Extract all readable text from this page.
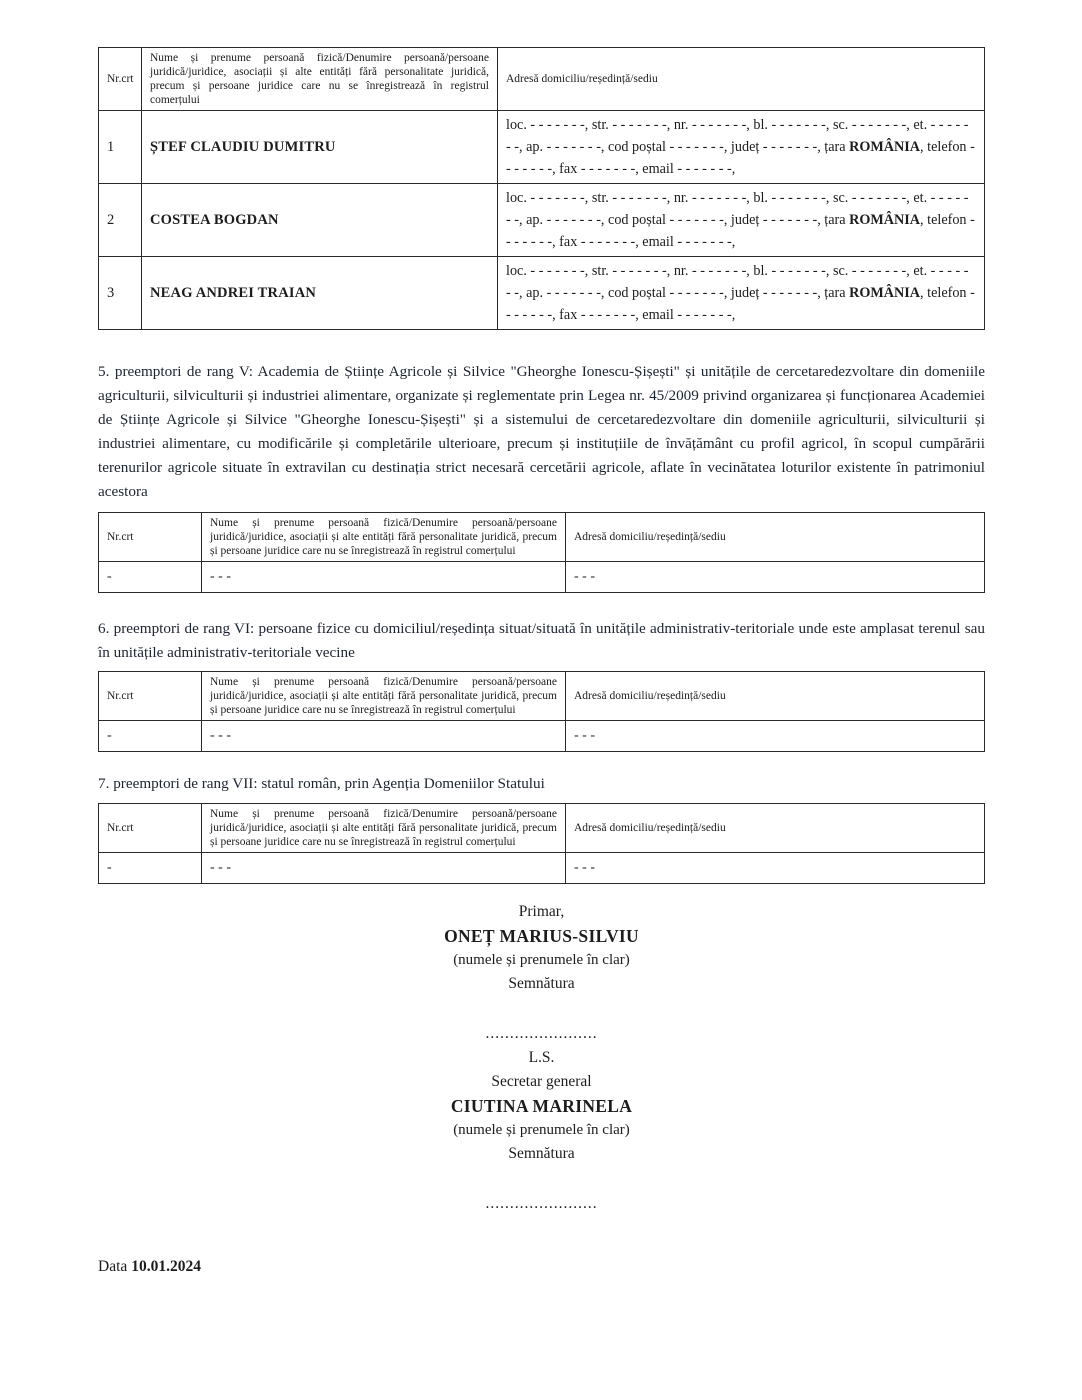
Nr.crt	Nume și prenume persoană fizică/Denumire persoană/persoane juridică/juridice, asociații și alte entități fără personalitate juridică, precum și persoane juridice care nu se înregistrează în registrul comerțului	Adresă domiciliu/reședință/sediu
1	ȘTEF CLAUDIU DUMITRU	loc. - - - - - - -, str. - - - - - - -, nr. - - - - - - -, bl. - - - - - - -, sc. - - - - - - -, et. - - - - - - -, ap. - - - - - - -, cod poștal - - - - - - -, județ - - - - - - -, țara ROMÂNIA, telefon - - - - - - -, fax - - - - - - -, email - - - - - - -,
2	COSTEA BOGDAN	loc. - - - - - - -, str. - - - - - - -, nr. - - - - - - -, bl. - - - - - - -, sc. - - - - - - -, et. - - - - - - -, ap. - - - - - - -, cod poștal - - - - - - -, județ - - - - - - -, țara ROMÂNIA, telefon - - - - - - -, fax - - - - - - -, email - - - - - - -,
3	NEAG ANDREI TRAIAN	loc. - - - - - - -, str. - - - - - - -, nr. - - - - - - -, bl. - - - - - - -, sc. - - - - - - -, et. - - - - - - -, ap. - - - - - - -, cod poștal - - - - - - -, județ - - - - - - -, țara ROMÂNIA, telefon - - - - - - -, fax - - - - - - -, email - - - - - - -,

5. preemptori de rang V: Academia de Științe Agricole și Silvice "Gheorghe Ionescu-Șișești" și unitățile de cercetaredezvoltare din domeniile agriculturii, silviculturii și industriei alimentare, organizate și reglementate prin Legea nr. 45/2009 privind organizarea și funcționarea Academiei de Științe Agricole și Silvice "Gheorghe Ionescu-Șișești" și a sistemului de cercetaredezvoltare din domeniile agriculturii, silviculturii și industriei alimentare, cu modificările și completările ulterioare, precum și instituțiile de învățământ cu profil agricol, în scopul cumpărării terenurilor agricole situate în extravilan cu destinația strict necesară cercetării agricole, aflate în vecinătatea loturilor existente în patrimoniul acestora

Nr.crt	Nume și prenume persoană fizică/Denumire persoană/persoane juridică/juridice, asociații și alte entități fără personalitate juridică, precum și persoane juridice care nu se înregistrează în registrul comerțului	Adresă domiciliu/reședință/sediu
-	- - -	- - -

6. preemptori de rang VI: persoane fizice cu domiciliul/reședința situat/situată în unitățile administrativ-teritoriale unde este amplasat terenul sau în unitățile administrativ-teritoriale vecine

Nr.crt	Nume și prenume persoană fizică/Denumire persoană/persoane juridică/juridice, asociații și alte entități fără personalitate juridică, precum și persoane juridice care nu se înregistrează în registrul comerțului	Adresă domiciliu/reședință/sediu
-	- - -	- - -

7. preemptori de rang VII: statul român, prin Agenția Domeniilor Statului

Nr.crt	Nume și prenume persoană fizică/Denumire persoană/persoane juridică/juridice, asociații și alte entități fără personalitate juridică, precum și persoane juridice care nu se înregistrează în registrul comerțului	Adresă domiciliu/reședință/sediu
-	- - -	- - -
Primar,
ONEȚ MARIUS-SILVIU
(numele și prenumele în clar)
Semnătura
.......................
L.S.
Secretar general
CIUTINA MARINELA
(numele și prenumele în clar)
Semnătura
.......................
Data 10.01.2024
